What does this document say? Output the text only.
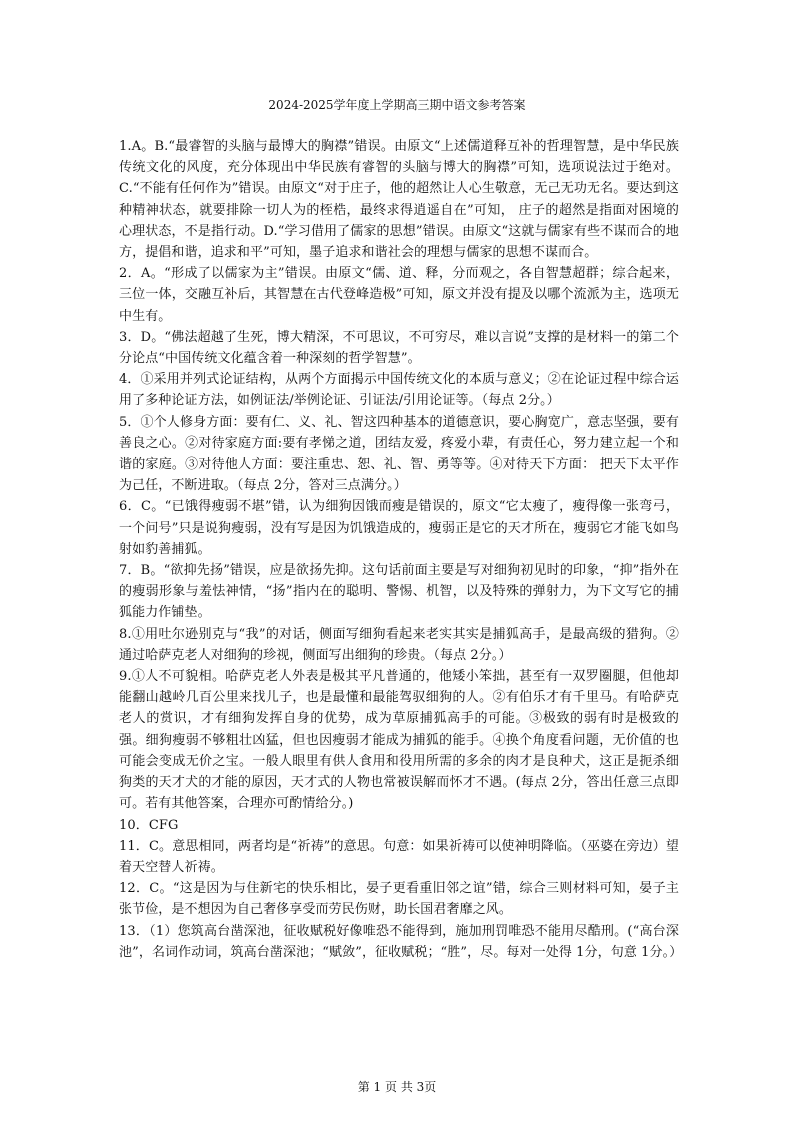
2024-2025学年度上学期高三期中语文参考答案

1.A。B.“最睿智的头脑与最博大的胸襟”错误。由原文“上述儒道释互补的哲理智慧，是中华民族传统文化的风度，充分体现出中华民族有睿智的头脑与博大的胸襟”可知，选项说法过于绝对。C.“不能有任何作为”错误。由原文“对于庄子，他的超然让人心生敬意，无己无功无名。要达到这种精神状态，就要排除一切人为的桎梏，最终求得逍遥自在”可知， 庄子的超然是指面对困境的心理状态，不是指行动。D.“学习借用了儒家的思想”错误。由原文“这就与儒家有些不谋而合的地方，提倡和谐，追求和平”可知，墨子追求和谐社会的理想与儒家的思想不谋而合。

2．A。“形成了以儒家为主”错误。由原文“儒、道、释，分而观之，各自智慧超群；综合起来，三位一体，交融互补后，其智慧在古代登峰造极”可知，原文并没有提及以哪个流派为主，选项无中生有。

3．D。“佛法超越了生死，博大精深，不可思议，不可穷尽，难以言说”支撑的是材料一的第二个分论点“中国传统文化蕴含着一种深刻的哲学智慧”。

4．①采用并列式论证结构，从两个方面揭示中国传统文化的本质与意义；②在论证过程中综合运用了多种论证方法，如例证法/举例论证、引证法/引用论证等。（每点 2分。）

5．①个人修身方面：要有仁、义、礼、智这四种基本的道德意识，要心胸宽广，意志坚强，要有善良之心。②对待家庭方面:要有孝悌之道，团结友爱，疼爱小辈，有责任心，努力建立起一个和谐的家庭。③对待他人方面：要注重忠、恕、礼、智、勇等等。④对待天下方面： 把天下太平作为己任，不断进取。（每点 2分，答对三点满分。）

6．C。“已饿得瘦弱不堪”错，认为细狗因饿而瘦是错误的，原文“它太瘦了，瘦得像一张弯弓，一个问号”只是说狗瘦弱，没有写是因为饥饿造成的，瘦弱正是它的天才所在，瘦弱它才能飞如鸟射如豹善捕狐。

7．B。“欲抑先扬”错误，应是欲扬先抑。这句话前面主要是写对细狗初见时的印象，“抑”指外在的瘦弱形象与羞怯神情，“扬”指内在的聪明、警惕、机智，以及特殊的弹射力，为下文写它的捕狐能力作铺垫。

8.①用吐尔逊别克与“我”的对话，侧面写细狗看起来老实其实是捕狐高手，是最高级的猎狗。②通过哈萨克老人对细狗的珍视，侧面写出细狗的珍贵。（每点 2分。）

9.①人不可貌相。哈萨克老人外表是极其平凡普通的，他矮小笨拙，甚至有一双罗圈腿，但他却能翻山越岭几百公里来找儿子，也是最懂和最能驾驭细狗的人。②有伯乐才有千里马。有哈萨克老人的赏识，才有细狗发挥自身的优势，成为草原捕狐高手的可能。③极致的弱有时是极致的强。细狗瘦弱不够粗壮凶猛，但也因瘦弱才能成为捕狐的能手。④换个角度看问题，无价值的也可能会变成无价之宝。一般人眼里有供人食用和役用所需的多余的肉才是良种犬，这正是扼杀细狗类的天才犬的才能的原因，天才式的人物也常被误解而怀才不遇。(每点 2分，答出任意三点即可。若有其他答案，合理亦可酌情给分。)

10．CFG

11．C。意思相同，两者均是“祈祷”的意思。句意：如果祈祷可以使神明降临。（巫婆在旁边）望着天空替人祈祷。

12．C。“这是因为与住新宅的快乐相比，晏子更看重旧邻之谊”错，综合三则材料可知，晏子主张节俭，是不想因为自己奢侈享受而劳民伤财，助长国君奢靡之风。

13．（1）您筑高台凿深池，征收赋税好像唯恐不能得到，施加刑罚唯恐不能用尽酷刑。(“高台深池”，名词作动词，筑高台凿深池；“赋敛”，征收赋税；“胜”，尽。每对一处得 1分，句意 1分。）

第 1 页 共 3页
